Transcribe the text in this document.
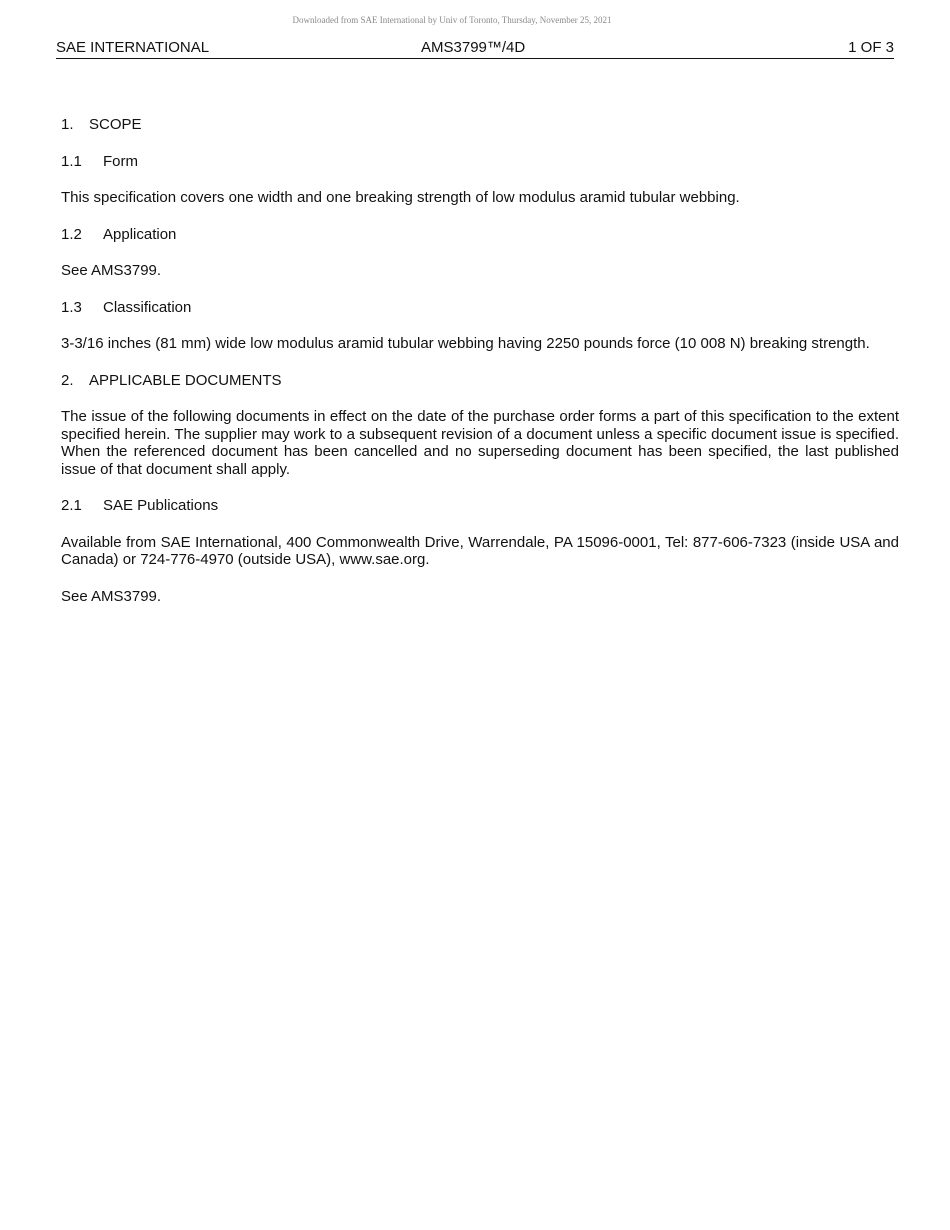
Downloaded from SAE International by Univ of Toronto, Thursday, November 25, 2021
SAE INTERNATIONAL	AMS3799™/4D	1 OF 3
1.	SCOPE
1.1	Form

This specification covers one width and one breaking strength of low modulus aramid tubular webbing.

1.2	Application

See AMS3799.

1.3	Classification

3-3/16 inches (81 mm) wide low modulus aramid tubular webbing having 2250 pounds force (10 008 N) breaking strength.

2.	APPLICABLE DOCUMENTS

The issue of the following documents in effect on the date of the purchase order forms a part of this specification to the extent specified herein. The supplier may work to a subsequent revision of a document unless a specific document issue is specified. When the referenced document has been cancelled and no superseding document has been specified, the last published issue of that document shall apply.

2.1	SAE Publications

Available from SAE International, 400 Commonwealth Drive, Warrendale, PA 15096-0001, Tel: 877-606-7323 (inside USA and Canada) or 724-776-4970 (outside USA), www.sae.org.

See AMS3799.
